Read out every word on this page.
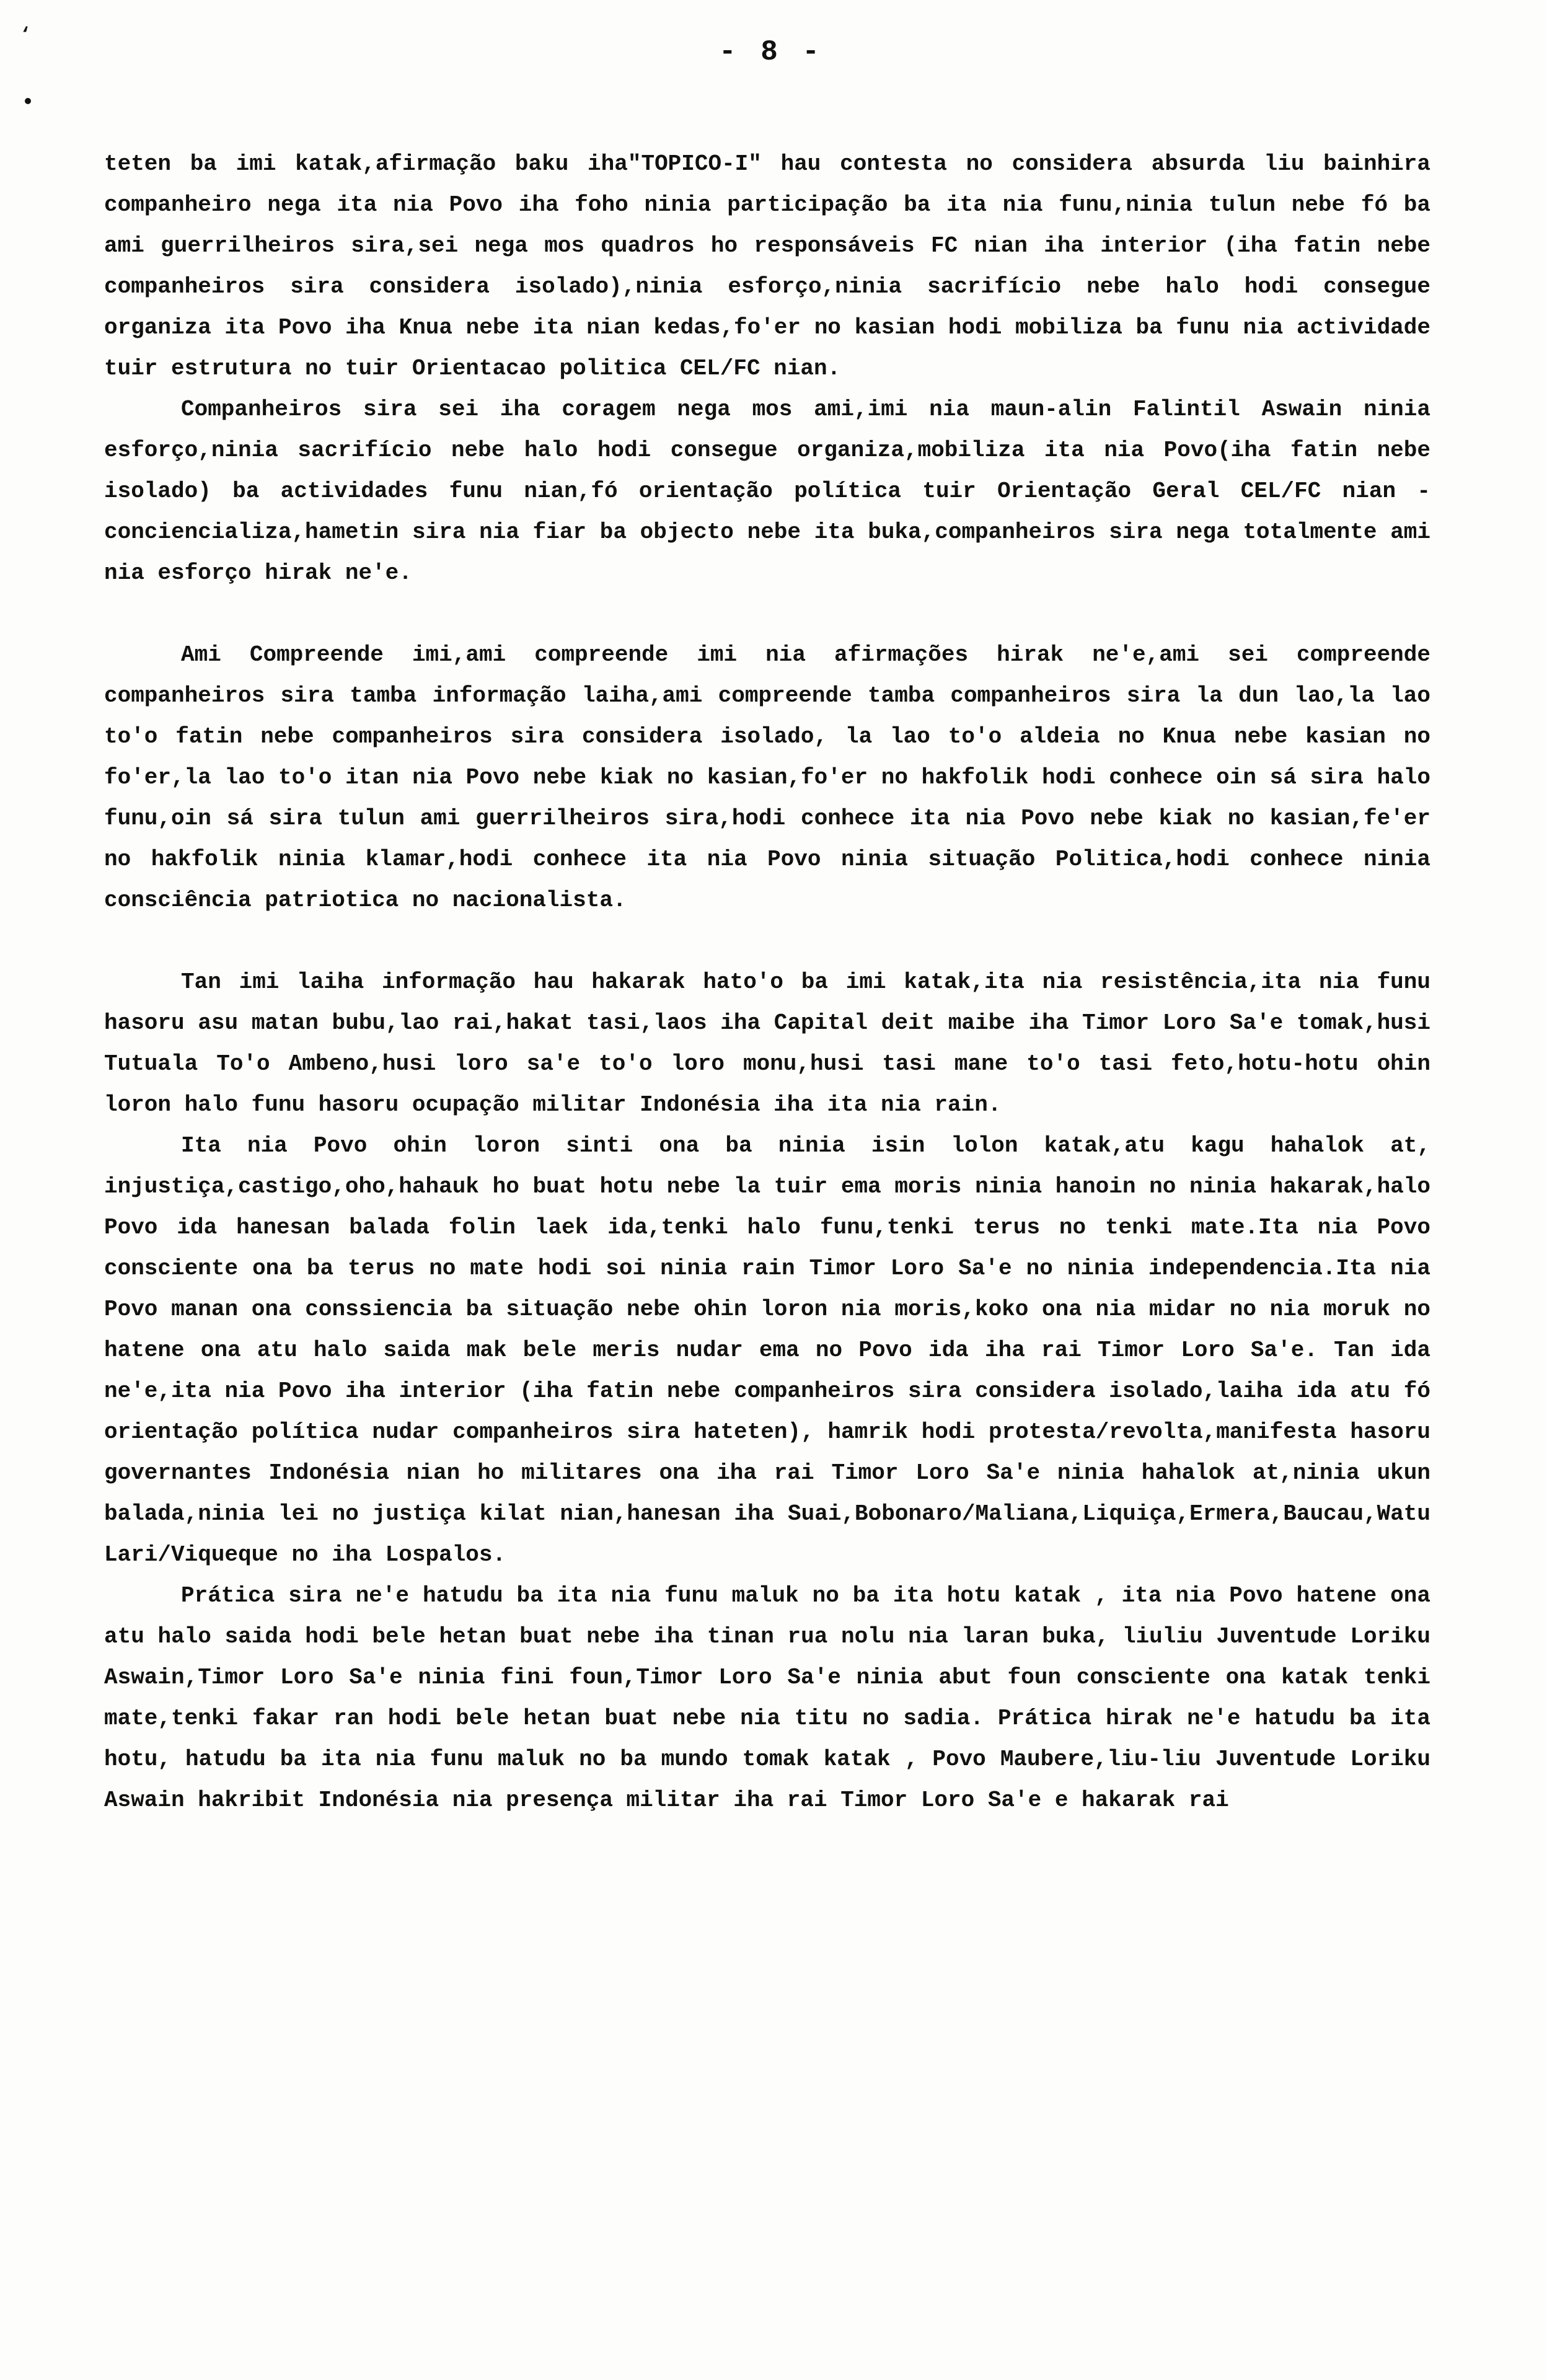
‘
- 8 -

teten ba imi katak,afirmação baku iha"TOPICO-I" hau contesta no considera absurda liu bainhira companheiro nega ita nia Povo iha foho ninia participação ba ita nia funu,ninia tulun nebe fó ba ami guerrilheiros sira,sei nega mos quadros ho responsáveis FC nian iha interior (iha fatin nebe companheiros sira considera isolado),ninia esforço,ninia sacrifício nebe halo hodi consegue organiza ita Povo iha Knua nebe ita nian kedas,fo'er no kasian hodi mobiliza ba funu nia actividade tuir estrutura no tuir Orientacao politica CEL/FC nian.

Companheiros sira sei iha coragem nega mos ami,imi nia maun-alin Falintil Aswain ninia esforço,ninia sacrifício nebe halo hodi consegue organiza,mobiliza ita nia Povo(iha fatin nebe isolado) ba actividades funu nian,fó orientação política tuir Orientação Geral CEL/FC nian - conciencializa,hametin sira nia fiar ba objecto nebe ita buka,companheiros sira nega totalmente ami nia esforço hirak ne'e.

Ami Compreende imi,ami compreende imi nia afirmações hirak ne'e,ami sei compreende companheiros sira tamba informação laiha,ami compreende tamba companheiros sira la dun lao,la lao to'o fatin nebe companheiros sira considera isolado, la lao to'o aldeia no Knua nebe kasian no fo'er,la lao to'o itan nia Povo nebe kiak no kasian,fo'er no hakfolik hodi conhece oin sá sira halo funu,oin sá sira tulun ami guerrilheiros sira,hodi conhece ita nia Povo nebe kiak no kasian,fe'er no hakfolik ninia klamar,hodi conhece ita nia Povo ninia situação Politica,hodi conhece ninia consciência patriotica no nacionalista.

Tan imi laiha informação hau hakarak hato'o ba imi katak,ita nia resistência,ita nia funu hasoru asu matan bubu,lao rai,hakat tasi,laos iha Capital deit maibe iha Timor Loro Sa'e tomak,husi Tutuala To'o Ambeno,husi loro sa'e to'o loro monu,husi tasi mane to'o tasi feto,hotu-hotu ohin loron halo funu hasoru ocupação militar Indonésia iha ita nia rain.

Ita nia Povo ohin loron sinti ona ba ninia isin lolon katak,atu kagu hahalok at, injustiça,castigo,oho,hahauk ho buat hotu nebe la tuir ema moris ninia hanoin no ninia hakarak,halo Povo ida hanesan balada folin laek ida,tenki halo funu,tenki terus no tenki mate.Ita nia Povo consciente ona ba terus no mate hodi soi ninia rain Timor Loro Sa'e no ninia independencia.Ita nia Povo manan ona conssiencia ba situação nebe ohin loron nia moris,koko ona nia midar no nia moruk no hatene ona atu halo saida mak bele meris nudar ema no Povo ida iha rai Timor Loro Sa'e. Tan ida ne'e,ita nia Povo iha interior (iha fatin nebe companheiros sira considera isolado,laiha ida atu fó orientação política nudar companheiros sira hateten), hamrik hodi protesta/revolta,manifesta hasoru governantes Indonésia nian ho militares ona iha rai Timor Loro Sa'e ninia hahalok at,ninia ukun balada,ninia lei no justiça kilat nian,hanesan iha Suai,Bobonaro/Maliana,Liquiça,Ermera,Baucau,Watu Lari/Viqueque no iha Lospalos.

Prática sira ne'e hatudu ba ita nia funu maluk no ba ita hotu katak , ita nia Povo hatene ona atu halo saida hodi bele hetan buat nebe iha tinan rua nolu nia laran buka, liuliu Juventude Loriku Aswain,Timor Loro Sa'e ninia fini foun,Timor Loro Sa'e ninia abut foun consciente ona katak tenki mate,tenki fakar ran hodi bele hetan buat nebe nia titu no sadia. Prática hirak ne'e hatudu ba ita hotu, hatudu ba ita nia funu maluk no ba mundo tomak katak , Povo Maubere,liu-liu Juventude Loriku Aswain hakribit Indonésia nia presença militar iha rai Timor Loro Sa'e e hakarak rai
